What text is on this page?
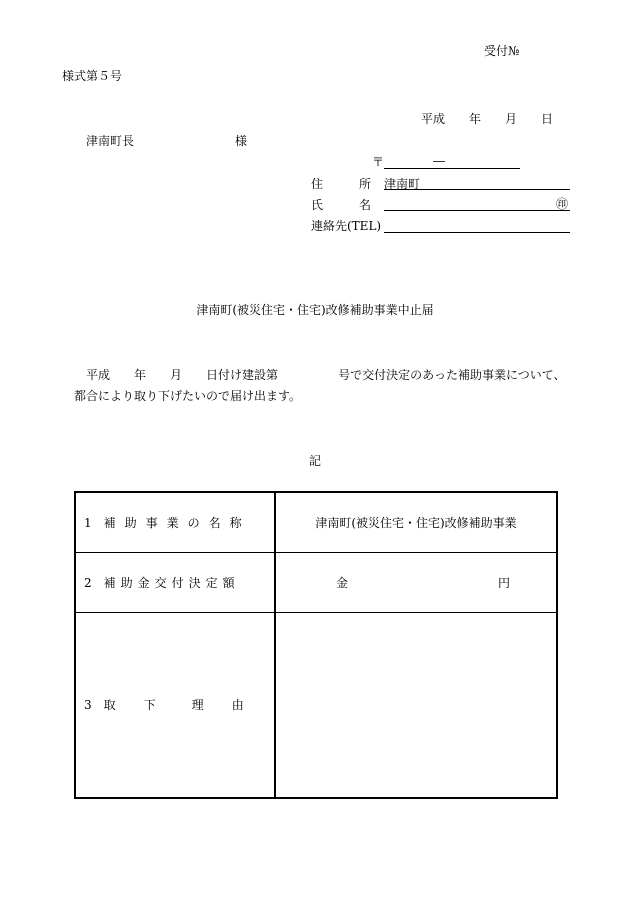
受付№
様式第５号
平成 年 月 日
津南町長	様
〒	―
住	所 津南町
氏	名	㊞
連絡先(TEL)
津南町(被災住宅・住宅)改修補助事業中止届
平成 年 月 日付け建設第	号で交付決定のあった補助事業について、
都合により取り下げたいので届け出ます。
記
1 補助事業の名称	津南町(被災住宅・住宅)改修補助事業
2 補助金交付決定額	金 円

3 取 下 理 由	
